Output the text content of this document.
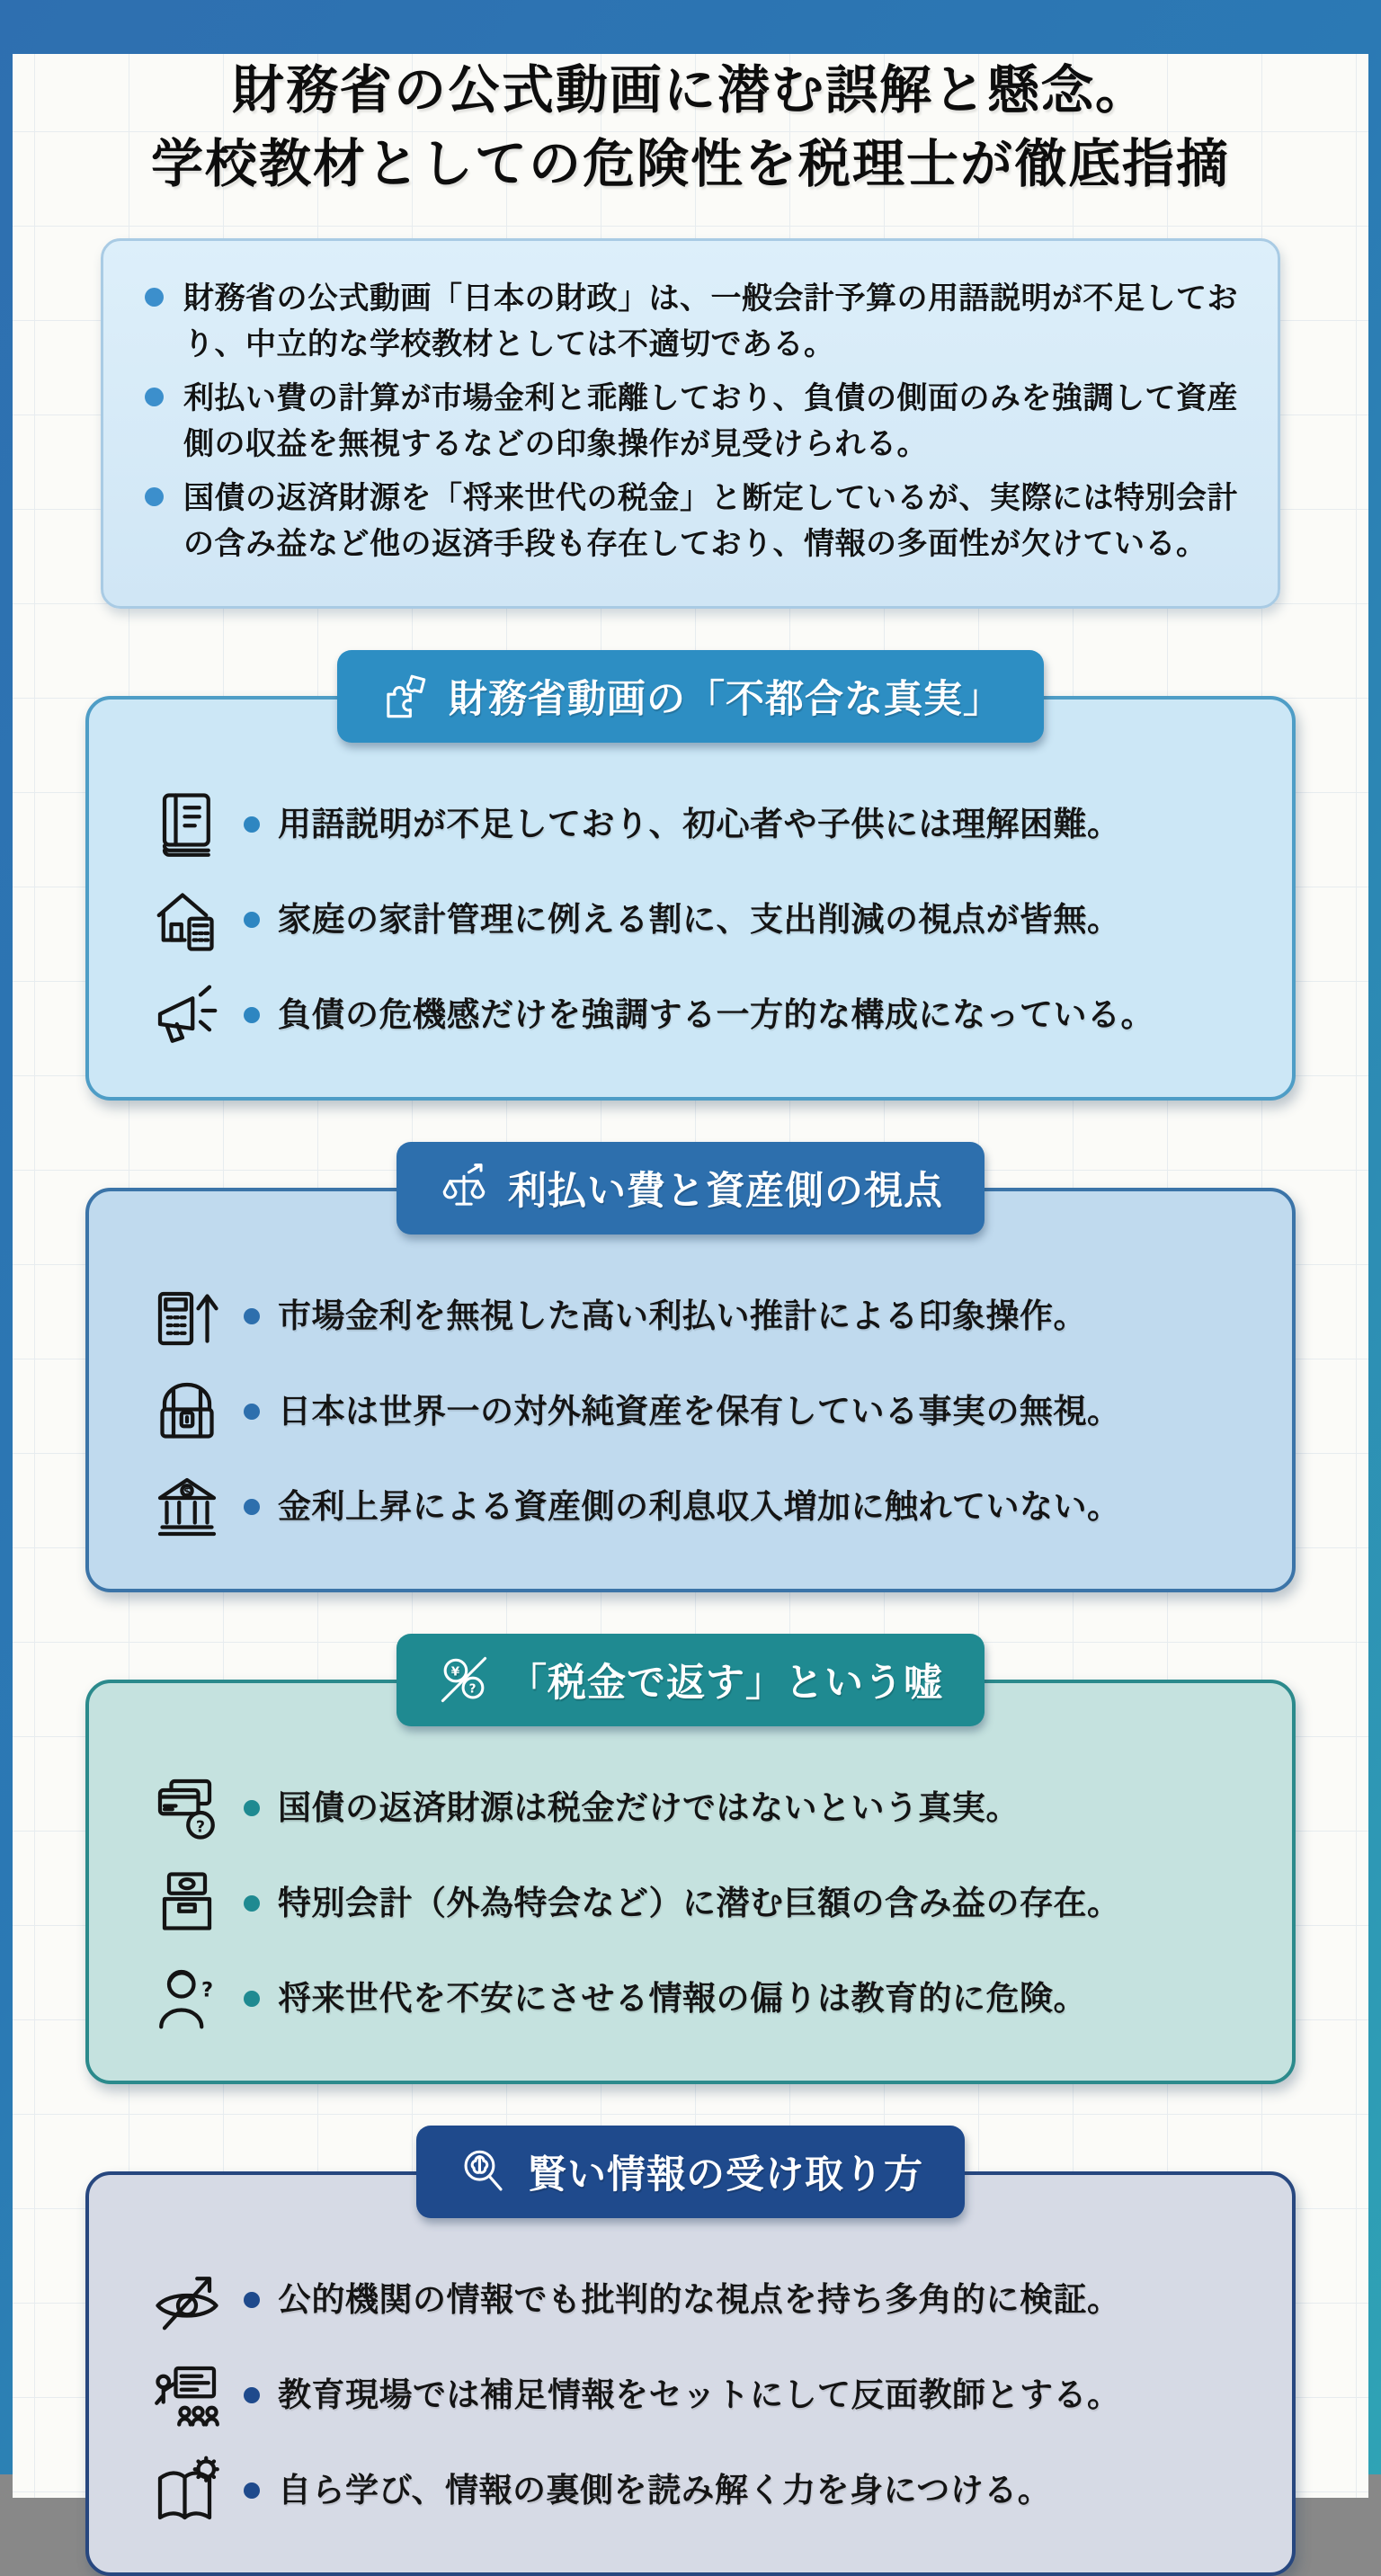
財務省の公式動画に潜む誤解と懸念。
学校教材としての危険性を税理士が徹底指摘
財務省の公式動画「日本の財政」は、一般会計予算の用語説明が不足しており、中立的な学校教材としては不適切である。
利払い費の計算が市場金利と乖離しており、負債の側面のみを強調して資産側の収益を無視するなどの印象操作が見受けられる。
国債の返済財源を「将来世代の税金」と断定しているが、実際には特別会計の含み益など他の返済手段も存在しており、情報の多面性が欠けている。
財務省動画の「不都合な真実」
用語説明が不足しており、初心者や子供には理解困難。
家庭の家計管理に例える割に、支出削減の視点が皆無。
負債の危機感だけを強調する一方的な構成になっている。
利払い費と資産側の視点
市場金利を無視した高い利払い推計による印象操作。
日本は世界一の対外純資産を保有している事実の無視。
$	金利上昇による資産側の利息収入増加に触れていない。
¥
? 「税金で返す」という嘘
?
国債の返済財源は税金だけではないという真実。
特別会計（外為特会など）に潜む巨額の含み益の存在。
? 将来世代を不安にさせる情報の偏りは教育的に危険。
賢い情報の受け取り方
公的機関の情報でも批判的な視点を持ち多角的に検証。
教育現場では補足情報をセットにして反面教師とする。
自ら学び、情報の裏側を読み解く力を身につける。
